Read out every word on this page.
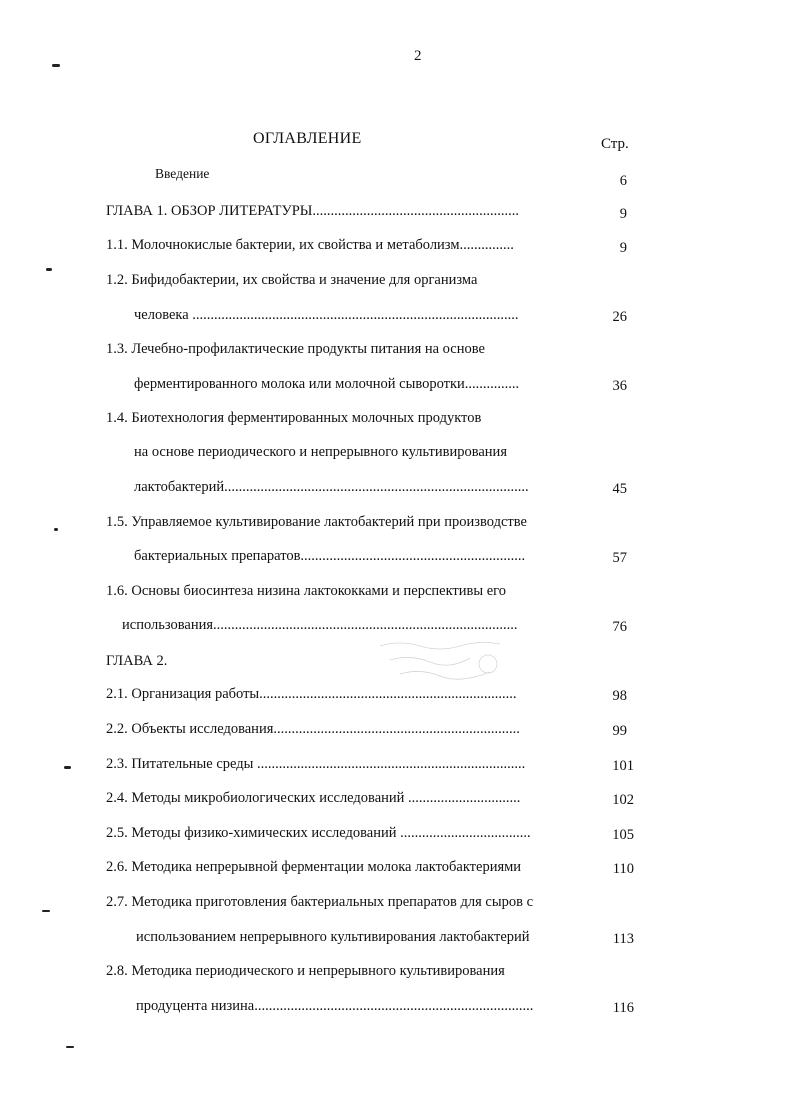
2
ОГЛАВЛЕНИЕ	Стр.
Введение	6
ГЛАВА 1. ОБЗОР ЛИТЕРАТУРЫ.........................................................	9
1.1. Молочнокислые бактерии, их свойства и метаболизм...............	9
1.2. Бифидобактерии, их свойства и значение для организма
человека ..........................................................................................	26
1.3. Лечебно-профилактические продукты питания на основе
ферментированного молока или молочной сыворотки...............	36
1.4. Биотехнология ферментированных молочных продуктов
на основе периодического и непрерывного культивирования
лактобактерий....................................................................................	45
1.5. Управляемое культивирование лактобактерий при производстве
бактериальных препаратов..............................................................	57
1.6. Основы биосинтеза низина лактококками и перспективы его
использования....................................................................................	76
ГЛАВА 2.
2.1. Организация работы.......................................................................	98
2.2. Объекты исследования....................................................................	99
2.3. Питательные среды ..........................................................................	101
2.4. Методы микробиологических исследований ...............................	102
2.5. Методы физико-химических исследований ....................................	105
2.6. Методика непрерывной ферментации молока лактобактериями	110
2.7. Методика приготовления бактериальных препаратов для сыров с
использованием непрерывного культивирования лактобактерий	113
2.8. Методика периодического и непрерывного культивирования
продуцента низина.............................................................................	116
